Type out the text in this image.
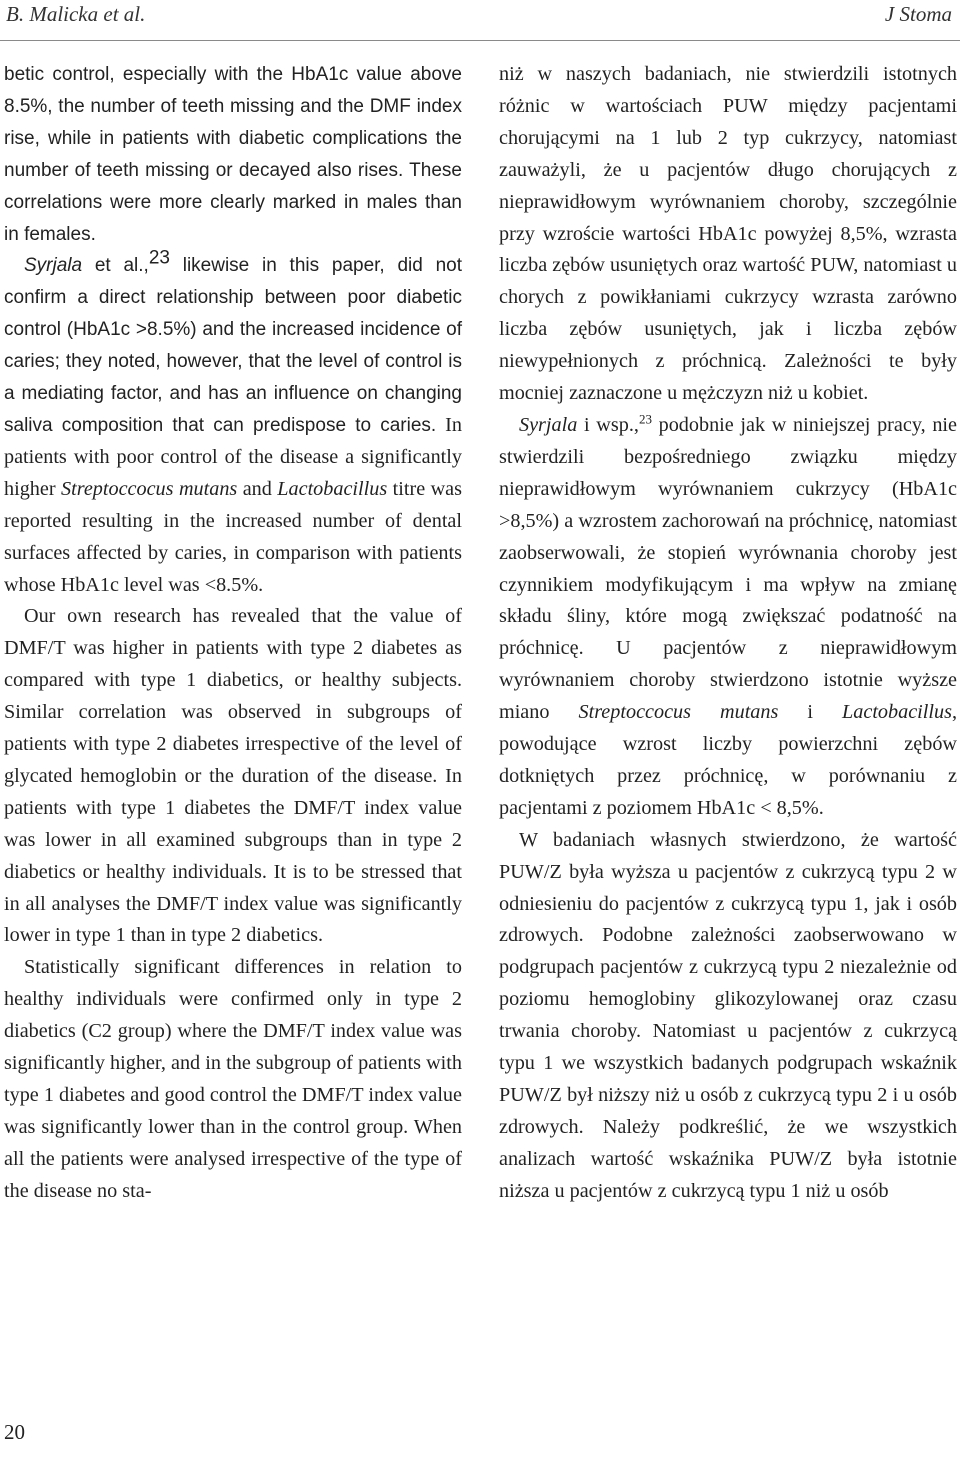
B. Malicka et al.	J Stoma

betic control, especially with the HbA1c value above 8.5%, the number of teeth missing and the DMF index rise, while in patients with diabetic complications the number of teeth missing or decayed also rises. These correlations were more clearly marked in males than in females.

Syrjala et al.,$^{23}$ likewise in this paper, did not confirm a direct relationship between poor diabetic control (HbA1c >8.5%) and the increased incidence of caries; they noted, however, that the level of control is a mediating factor, and has an influence on changing saliva composition that can predispose to caries. In patients with poor control of the disease a significantly higher Streptoccocus mutans and Lactobacillus titre was reported resulting in the increased number of dental surfaces affected by caries, in comparison with patients whose HbA1c level was <8.5%.

Our own research has revealed that the value of DMF/T was higher in patients with type 2 diabetes as compared with type 1 diabetics, or healthy subjects. Similar correlation was observed in subgroups of patients with type 2 diabetes irrespective of the level of glycated hemoglobin or the duration of the disease. In patients with type 1 diabetes the DMF/T index value was lower in all examined subgroups than in type 2 diabetics or healthy individuals. It is to be stressed that in all analyses the DMF/T index value was significantly lower in type 1 than in type 2 diabetics.

Statistically significant differences in relation to healthy individuals were confirmed only in type 2 diabetics (C2 group) where the DMF/T index value was significantly higher, and in the subgroup of patients with type 1 diabetes and good control the DMF/T index value was significantly lower than in the control group. When all the patients were analysed irrespective of the type of the disease no sta-

niż w naszych badaniach, nie stwierdzili istotnych różnic w wartościach PUW między pacjentami chorującymi na 1 lub 2 typ cukrzycy, natomiast zauważyli, że u pacjentów długo chorujących z nieprawidłowym wyrównaniem choroby, szczególnie przy wzroście wartości HbA1c powyżej 8,5%, wzrasta liczba zębów usuniętych oraz wartość PUW, natomiast u chorych z powikłaniami cukrzycy wzrasta zarówno liczba zębów usuniętych, jak i liczba zębów niewypełnionych z próchnicą. Zależności te były mocniej zaznaczone u mężczyzn niż u kobiet.

Syrjala i wsp.,$^{23}$ podobnie jak w niniejszej pracy, nie stwierdzili bezpośredniego związku między nieprawidłowym wyrównaniem cukrzycy (HbA1c >8,5%) a wzrostem zachorowań na próchnicę, natomiast zaobserwowali, że stopień wyrównania choroby jest czynnikiem modyfikującym i ma wpływ na zmianę składu śliny, które mogą zwiększać podatność na próchnicę. U pacjentów z nieprawidłowym wyrównaniem choroby stwierdzono istotnie wyższe miano Streptoccocus mutans i Lactobacillus, powodujące wzrost liczby powierzchni zębów dotkniętych przez próchnicę, w porównaniu z pacjentami z poziomem HbA1c < 8,5%.

W badaniach własnych stwierdzono, że wartość PUW/Z była wyższa u pacjentów z cukrzycą typu 2 w odniesieniu do pacjentów z cukrzycą typu 1, jak i osób zdrowych. Podobne zależności zaobserwowano w podgrupach pacjentów z cukrzycą typu 2 niezależnie od poziomu hemoglobiny glikozylowanej oraz czasu trwania choroby. Natomiast u pacjentów z cukrzycą typu 1 we wszystkich badanych podgrupach wskaźnik PUW/Z był niższy niż u osób z cukrzycą typu 2 i u osób zdrowych. Należy podkreślić, że we wszystkich analizach wartość wskaźnika PUW/Z była istotnie niższa u pacjentów z cukrzycą typu 1 niż u osób

20
